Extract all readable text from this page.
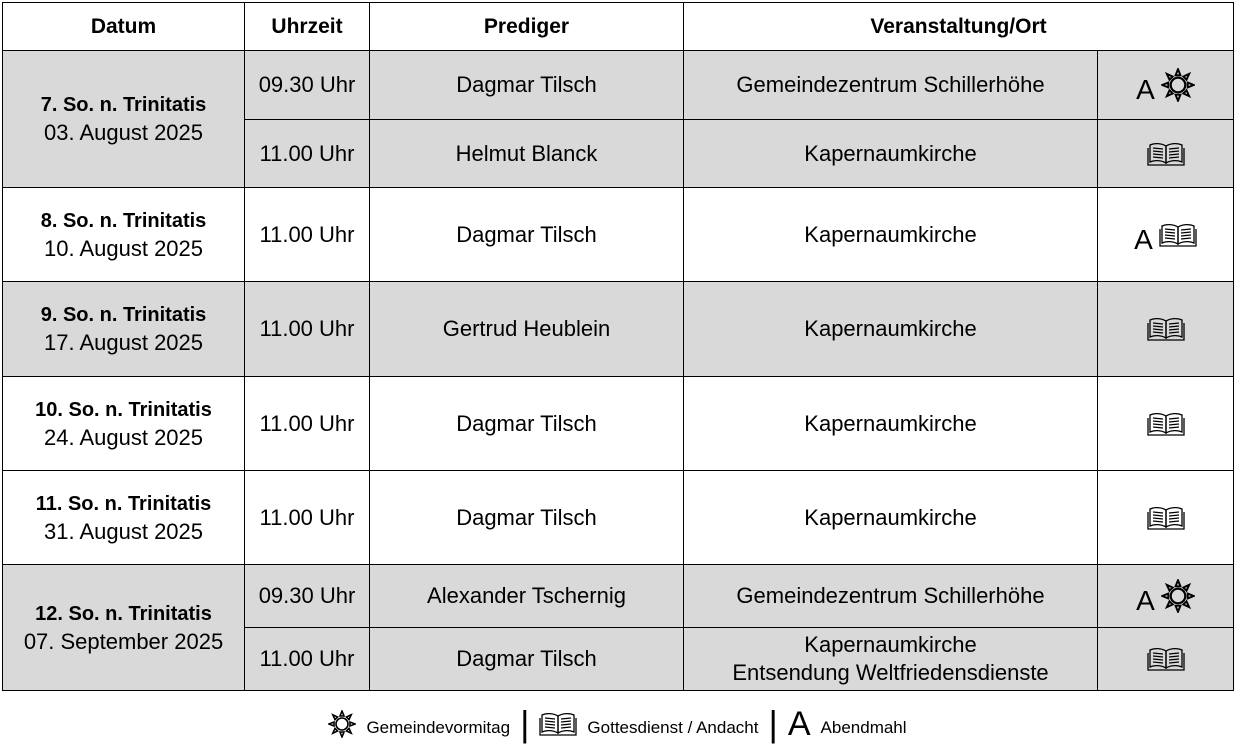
Datum	Uhrzeit	Prediger	Veranstaltung/Ort	

7. So. n. Trinitatis
03. August 2025	09.30 Uhr	Dagmar Tilsch	Gemeindezentrum Schillerhöhe	A

	11.00 Uhr	Helmut Blanck	Kapernaumkirche

8. So. n. Trinitatis
10. August 2025	11.00 Uhr	Dagmar Tilsch	Kapernaumkirche	A

9. So. n. Trinitatis
17. August 2025	11.00 Uhr	Gertrud Heublein	Kapernaumkirche

10. So. n. Trinitatis
24. August 2025	11.00 Uhr	Dagmar Tilsch	Kapernaumkirche

11. So. n. Trinitatis
31. August 2025	11.00 Uhr	Dagmar Tilsch	Kapernaumkirche

12. So. n. Trinitatis
07. September 2025	09.30 Uhr	Alexander Tschernig	Gemeindezentrum Schillerhöhe	A

	11.00 Uhr	Dagmar Tilsch	Kapernaumkirche
Entsendung Weltfriedensdienste

Gemeindevormitag |	Gottesdienst / Andacht | A Abendmahl
